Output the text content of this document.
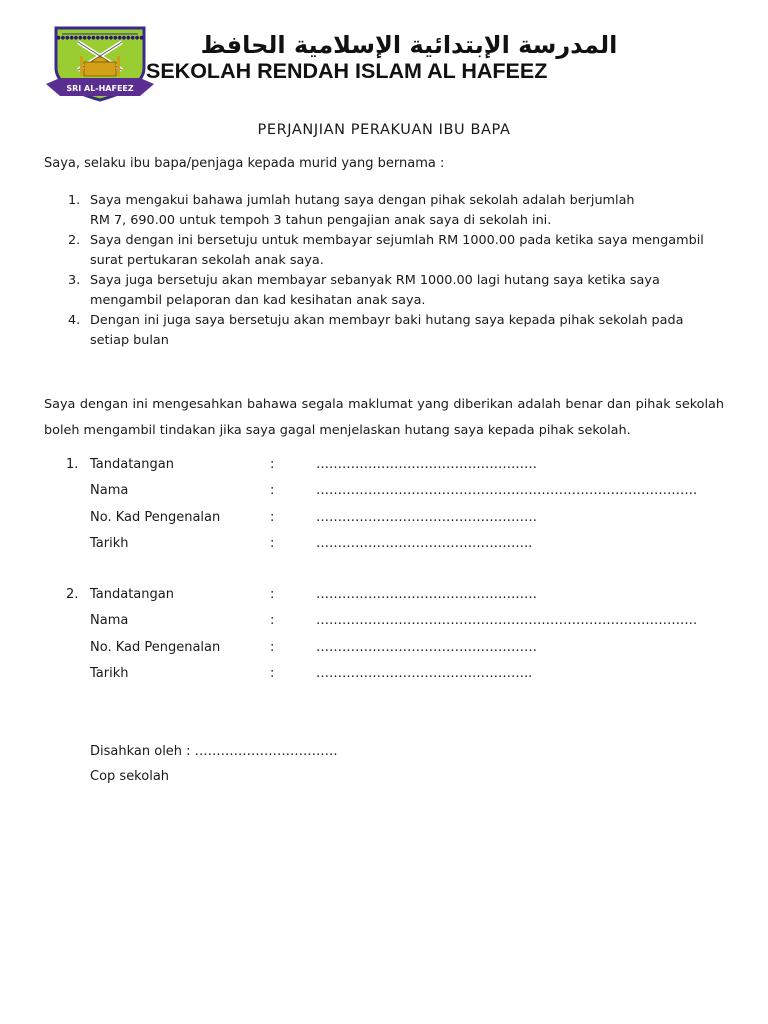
●●●●●●●●●●●●●●●●●●●●
SRI AL-HAFEEZ
المدرسة الإبتدائية الإسلامية الحافظ
SEKOLAH RENDAH ISLAM AL HAFEEZ
PERJANJIAN PERAKUAN IBU BAPA
Saya, selaku ibu bapa/penjaga kepada murid yang bernama :
1. Saya mengakui bahawa jumlah hutang saya dengan pihak sekolah adalah berjumlah
RM 7, 690.00 untuk tempoh 3 tahun pengajian anak saya di sekolah ini.
2. Saya dengan ini bersetuju untuk membayar sejumlah RM 1000.00 pada ketika saya mengambil
surat pertukaran sekolah anak saya.
3. Saya juga bersetuju akan membayar sebanyak RM 1000.00 lagi hutang saya ketika saya
mengambil pelaporan dan kad kesihatan anak saya.
4. Dengan ini juga saya bersetuju akan membayr baki hutang saya kepada pihak sekolah pada
setiap bulan
Saya dengan ini mengesahkan bahawa segala maklumat yang diberikan adalah benar dan pihak sekolah boleh mengambil tindakan jika saya gagal menjelaskan hutang saya kepada pihak sekolah.
1. Tandatangan	:	……………………………………………
Nama	:	…………………………………………………………………………….
No. Kad Pengenalan	:	……………………………………………
Tarikh	:	…………………………………………..
2. Tandatangan	:	……………………………………………
Nama	:	…………………………………………………………………………….
No. Kad Pengenalan	:	……………………………………………
Tarikh	:	…………………………………………..
Disahkan oleh : ……………………………
Cop sekolah
